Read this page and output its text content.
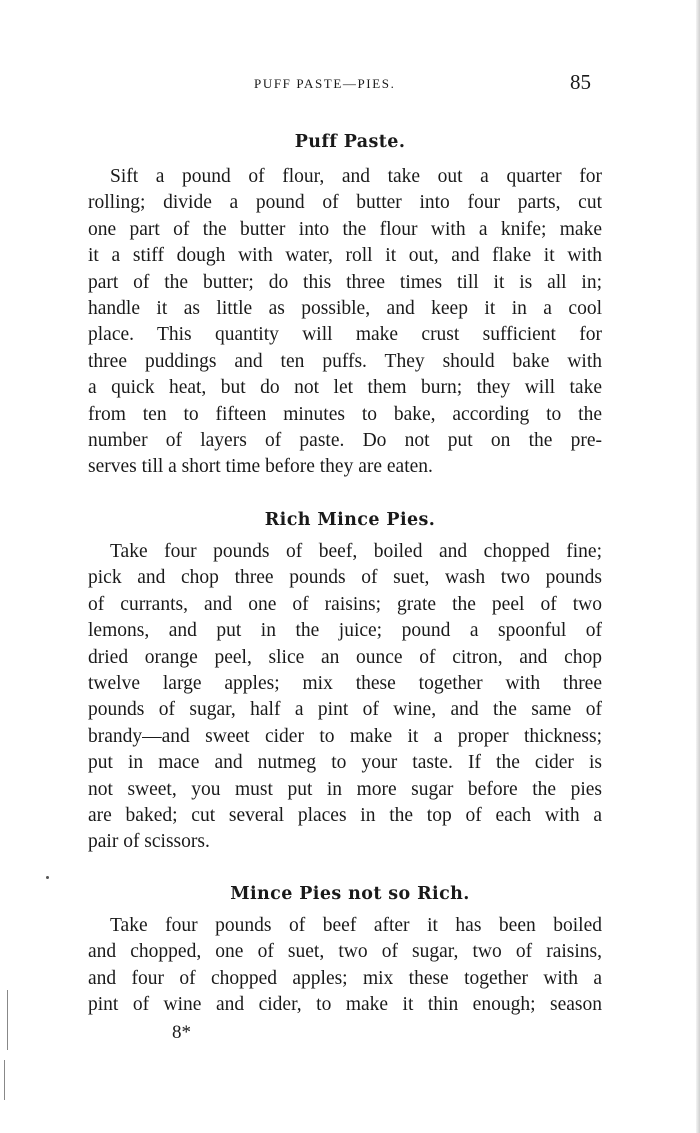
PUFF PASTE—PIES.	85
Puff Paste.

Sift a pound of flour, and take out a quarter for
rolling; divide a pound of butter into four parts, cut
one part of the butter into the flour with a knife; make
it a stiff dough with water, roll it out, and flake it with
part of the butter; do this three times till it is all in;
handle it as little as possible, and keep it in a cool
place. This quantity will make crust sufficient for
three puddings and ten puffs. They should bake with
a quick heat, but do not let them burn; they will take
from ten to fifteen minutes to bake, according to the
number of layers of paste. Do not put on the pre-
serves till a short time before they are eaten.

Rich Mince Pies.

Take four pounds of beef, boiled and chopped fine;
pick and chop three pounds of suet, wash two pounds
of currants, and one of raisins; grate the peel of two
lemons, and put in the juice; pound a spoonful of
dried orange peel, slice an ounce of citron, and chop
twelve large apples; mix these together with three
pounds of sugar, half a pint of wine, and the same of
brandy—and sweet cider to make it a proper thickness;
put in mace and nutmeg to your taste. If the cider is
not sweet, you must put in more sugar before the pies
are baked; cut several places in the top of each with a
pair of scissors.

Mince Pies not so Rich.

Take four pounds of beef after it has been boiled
and chopped, one of suet, two of sugar, two of raisins,
and four of chopped apples; mix these together with a
pint of wine and cider, to make it thin enough; season

8*
